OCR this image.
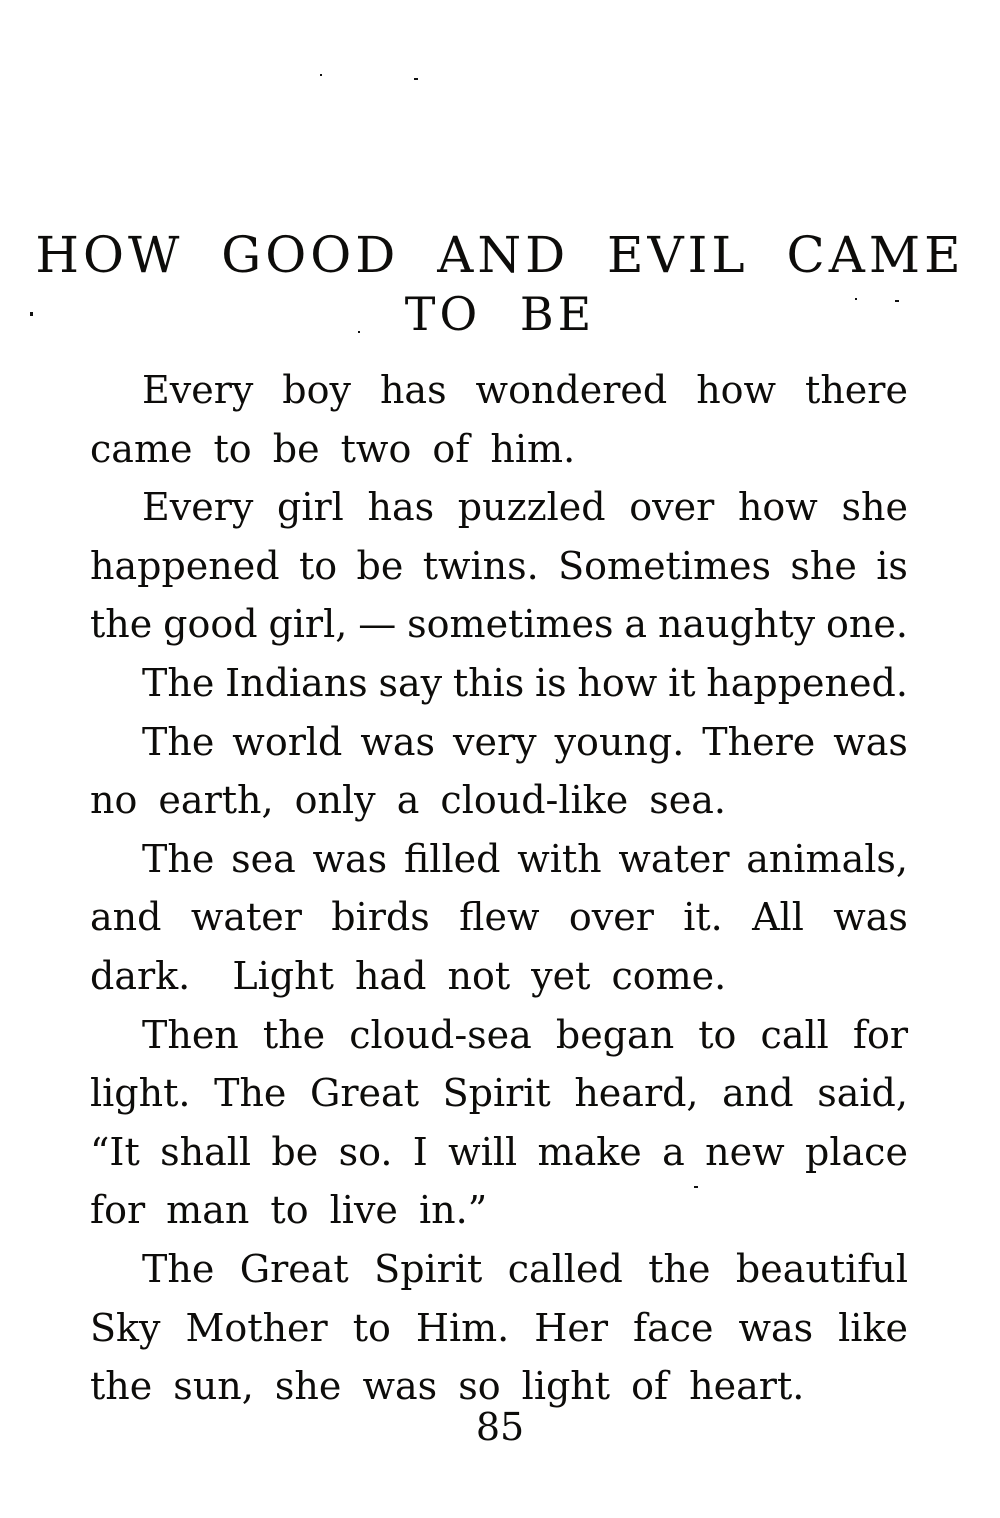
HOW GOOD AND EVIL CAME
TO BE
Every boy has wondered how there
came to be two of him.
Every girl has puzzled over how she
happened to be twins. Sometimes she is
the good girl, — sometimes a naughty one.
The Indians say this is how it happened.
The world was very young. There was
no earth, only a cloud-like sea.
The sea was filled with water animals,
and water birds flew over it. All was
dark.  Light had not yet come.
Then the cloud-sea began to call for
light. The Great Spirit heard, and said,
“It shall be so. I will make a new place
for man to live in.”
The Great Spirit called the beautiful
Sky Mother to Him. Her face was like
the sun, she was so light of heart.
85
